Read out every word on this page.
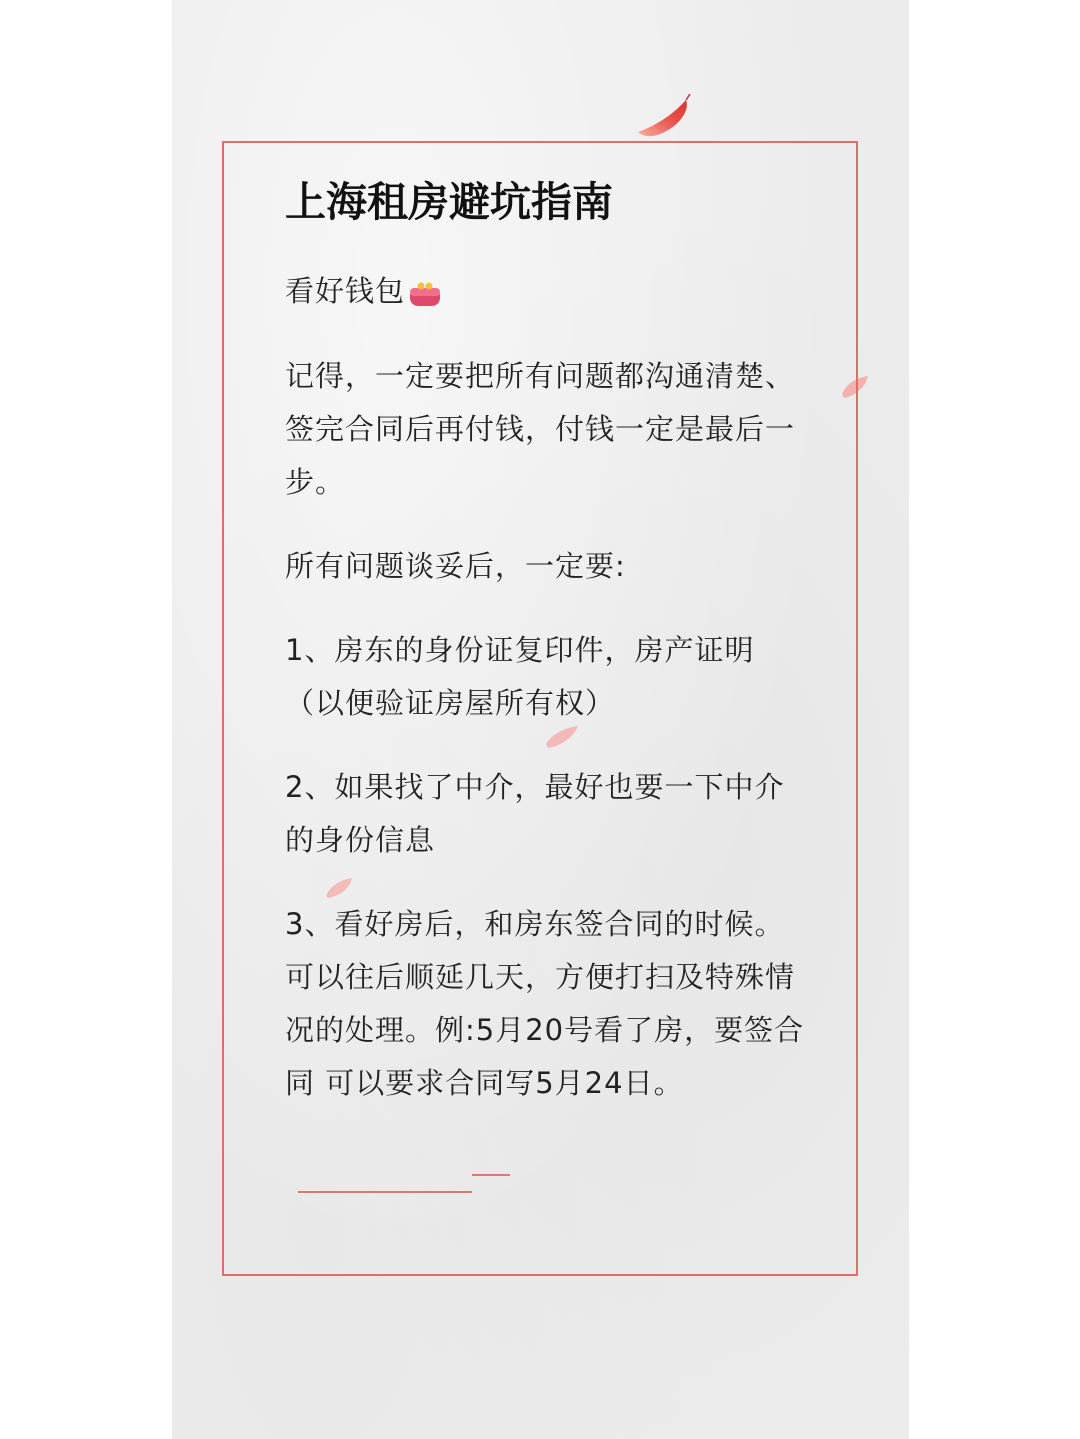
上海租房避坑指南

看好钱包

记得，一定要把所有问题都沟通清楚、签完合同后再付钱，付钱一定是最后一步。

所有问题谈妥后，一定要:

1、房东的身份证复印件，房产证明（以便验证房屋所有权）

2、如果找了中介，最好也要一下中介的身份信息

3、看好房后，和房东签合同的时候。可以往后顺延几天，方便打扫及特殊情况的处理。例:5月20号看了房，要签合同 可以要求合同写5月24日。
